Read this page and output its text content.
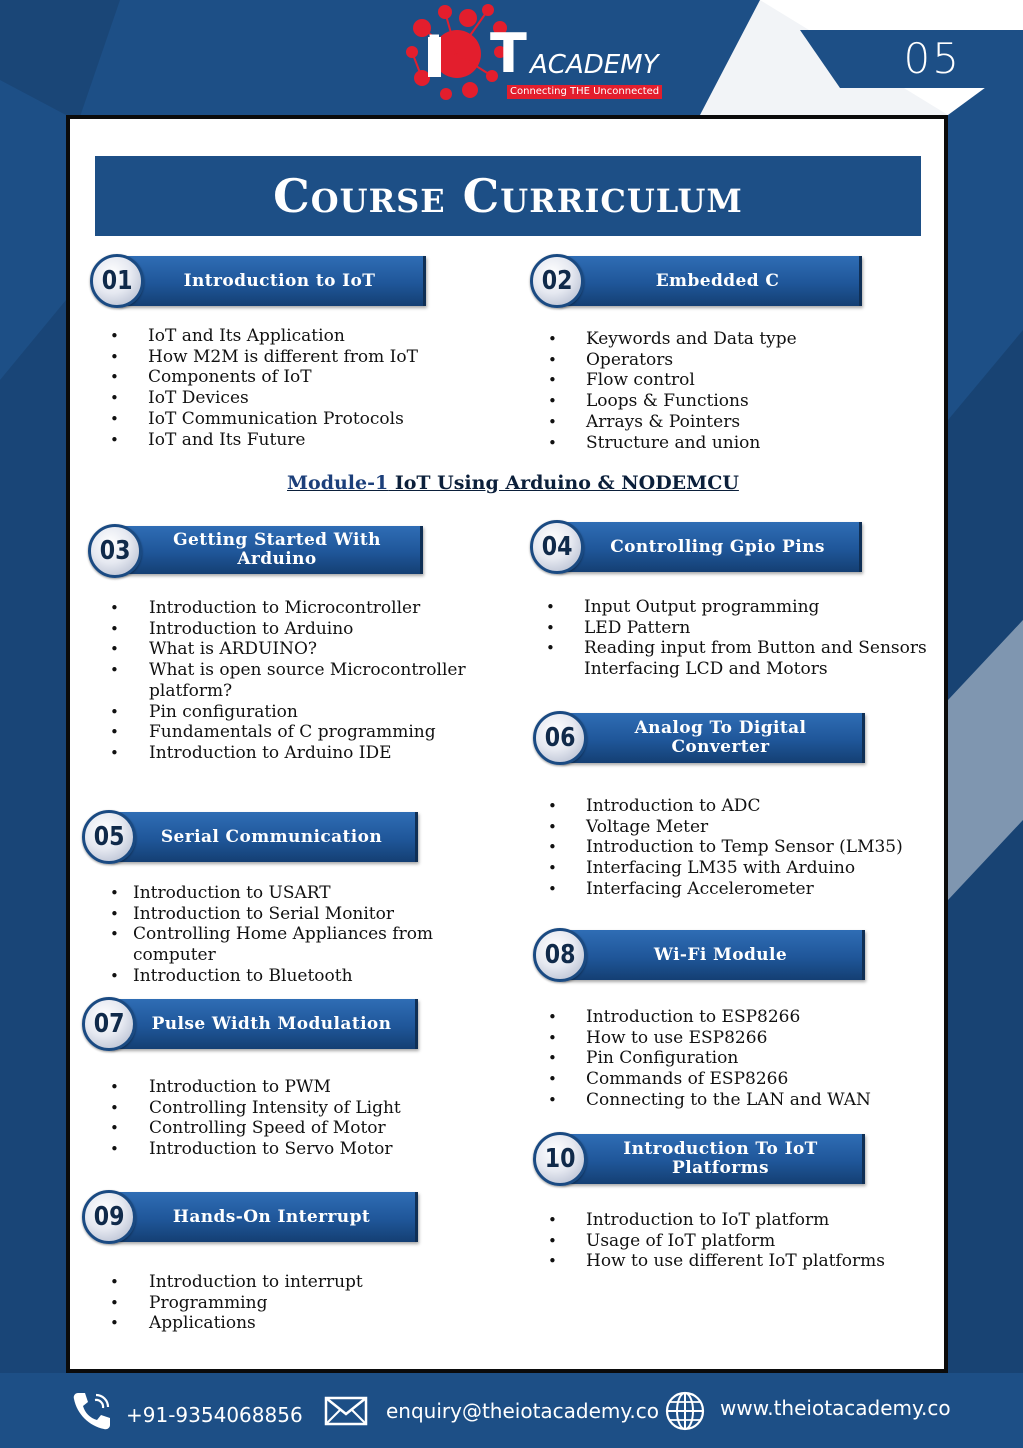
I T ACADEMY
Connecting THE Unconnected
05
Course Curriculum
Introduction to IoT
01
• IoT and Its Application
• How M2M is different from IoT
• Components of IoT
• IoT Devices
• IoT Communication Protocols
• IoT and Its Future
Embedded C
02
• Keywords and Data type
• Operators
• Flow control
• Loops & Functions
• Arrays & Pointers
• Structure and union
Module-1 IoT Using Arduino & NODEMCU
Getting Started With Arduino
03
• Introduction to Microcontroller
• Introduction to Arduino
• What is ARDUINO?
• What is open source Microcontroller
platform?
• Pin configuration
• Fundamentals of C programming
• Introduction to Arduino IDE
Controlling Gpio Pins
04
• Input Output programming
• LED Pattern
• Reading input from Button and Sensors
Interfacing LCD and Motors
Serial Communication
05
• Introduction to USART
• Introduction to Serial Monitor
• Controlling Home Appliances from computer
• Introduction to Bluetooth
Analog To Digital Converter
06
• Introduction to ADC
• Voltage Meter
• Introduction to Temp Sensor (LM35)
• Interfacing LM35 with Arduino
• Interfacing Accelerometer
Pulse Width Modulation
07
• Introduction to PWM
• Controlling Intensity of Light
• Controlling Speed of Motor
• Introduction to Servo Motor
Wi-Fi Module
08
• Introduction to ESP8266
• How to use ESP8266
• Pin Configuration
• Commands of ESP8266
• Connecting to the LAN and WAN
Hands-On Interrupt
09
• Introduction to interrupt
• Programming
• Applications
Introduction To IoT Platforms
10
• Introduction to IoT platform
• Usage of IoT platform
• How to use different IoT platforms
+91-9354068856	enquiry@theiotacademy.co	www.theiotacademy.co
